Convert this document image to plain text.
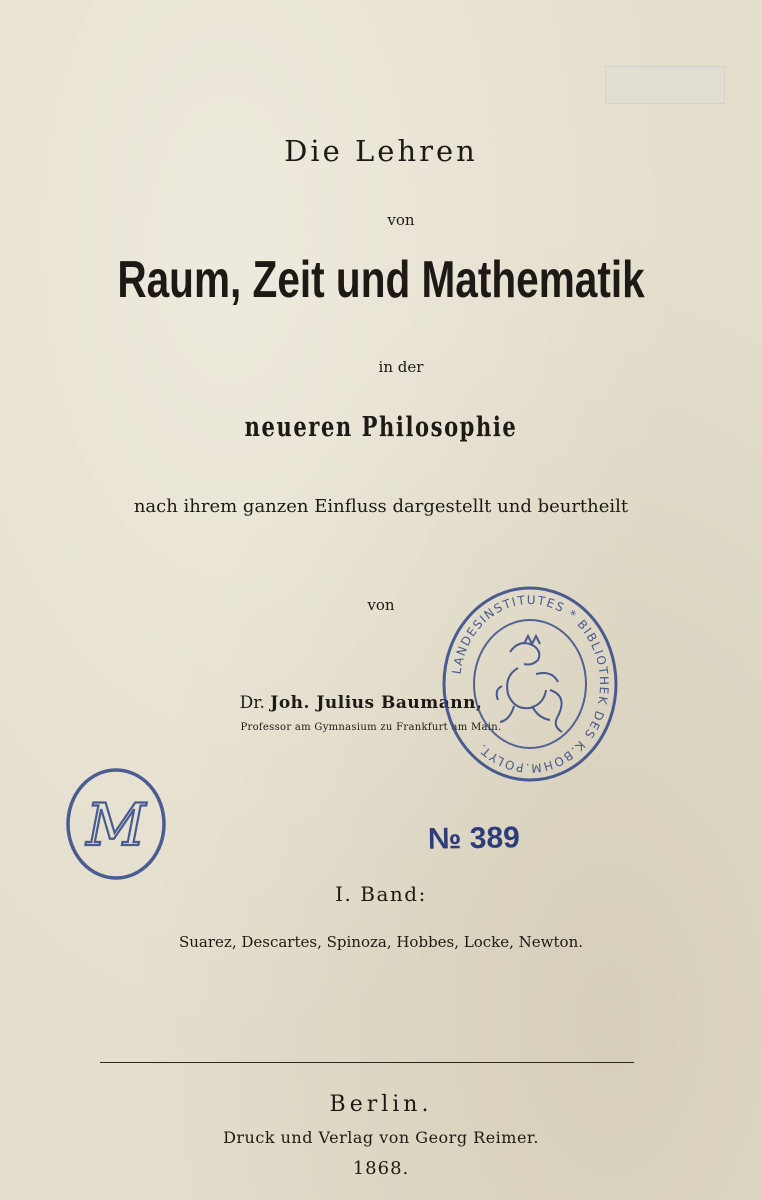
Die Lehren
von
Raum, Zeit und Mathematik
in der
neueren Philosophie
nach ihrem ganzen Einfluss dargestellt und beurtheilt
von
Dr. Joh. Julius Baumann,
Professor am Gymnasium zu Frankfurt am Main.
LANDESINSTITUTES * BIBLIOTHEK DES K.BOHM.POLYT.
M	№ 389
I. Band:
Suarez, Descartes, Spinoza, Hobbes, Locke, Newton.
Berlin.
Druck und Verlag von Georg Reimer.
1868.
